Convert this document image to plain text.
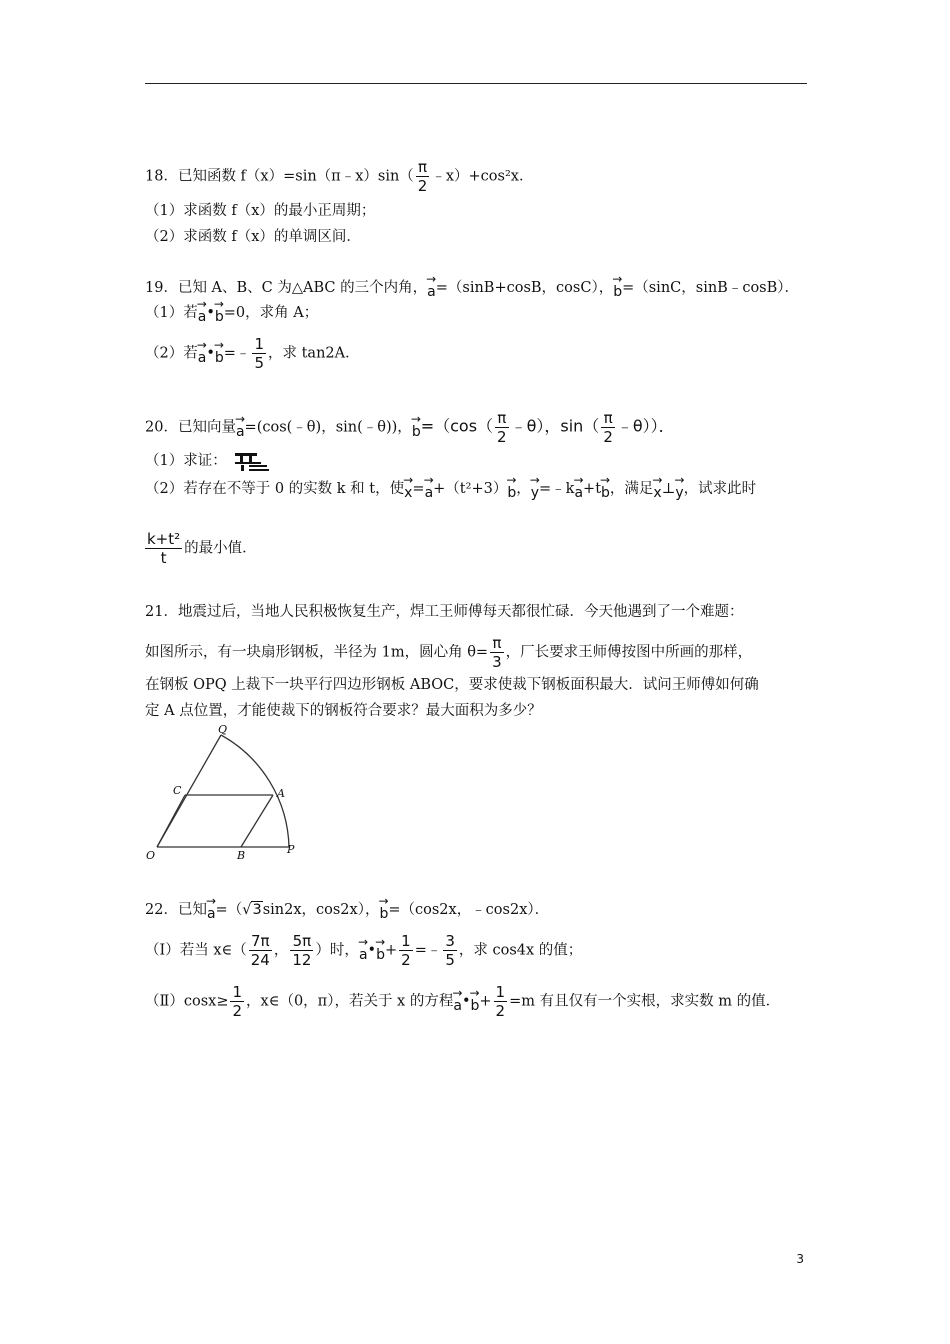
18．已知函数 f（x）=sin（π﹣x）sin（ $\frac{\pi}{2}$ ﹣x）+cos²x．
（1）求函数 f（x）的最小正周期；
（2）求函数 f（x）的单调区间．
19．已知 A、B、C 为△ABC 的三个内角，→ a=（sinB+cosB，cosC），→ b=（sinC，sinB﹣cosB）．
（1）若→ a•→ b=0，求角 A；
（2）若→ a•→ b=﹣ $\frac{1}{5}$ ，求 tan2A．
20．已知向量→ a=(cos(﹣θ)，sin(﹣θ))，→ $b=(\cos( \frac{\pi}{2}$ ﹣θ），$\sin( \frac{\pi}{2}$ ﹣θ））．
（1）求证：
（2）若存在不等于 0 的实数 k 和 t，使→ x=→ a+（t²+3）→ b，→ y=﹣k→ a+t→ b，满足→ x⊥→ y，试求此时
$\frac{\text{k+t²}}{t}$ 的最小值．
21．地震过后，当地人民积极恢复生产，焊工王师傅每天都很忙碌．今天他遇到了一个难题：
如图所示，有一块扇形钢板，半径为 1m，圆心角 $\theta= \frac{\pi}{3}$ ，厂长要求王师傅按图中所画的那样，
在钢板 OPQ 上裁下一块平行四边形钢板 ABOC，要求使裁下钢板面积最大．试问王师傅如何确
定 A 点位置，才能使裁下的钢板符合要求？最大面积为多少？
Q
C	A
O	B	P
22．已知→ a=（√3sin2x，cos2x），→ b=（cos2x，﹣cos2x）．
（Ⅰ）若当 x∈（ $\frac{7\pi}{24}$ ， $\frac{5\pi}{12}$ ）时，→ a•→ $b+ \frac{1}{2}$ =﹣ $\frac{3}{5}$ ，求 cos4x 的值；
（Ⅱ）cosx≥ $\frac{1}{2}$ ，x∈（0，π），若关于 x 的方程→ a•→ $b+ \frac{1}{2} =m$ 有且仅有一个实根，求实数 m 的值．
3
